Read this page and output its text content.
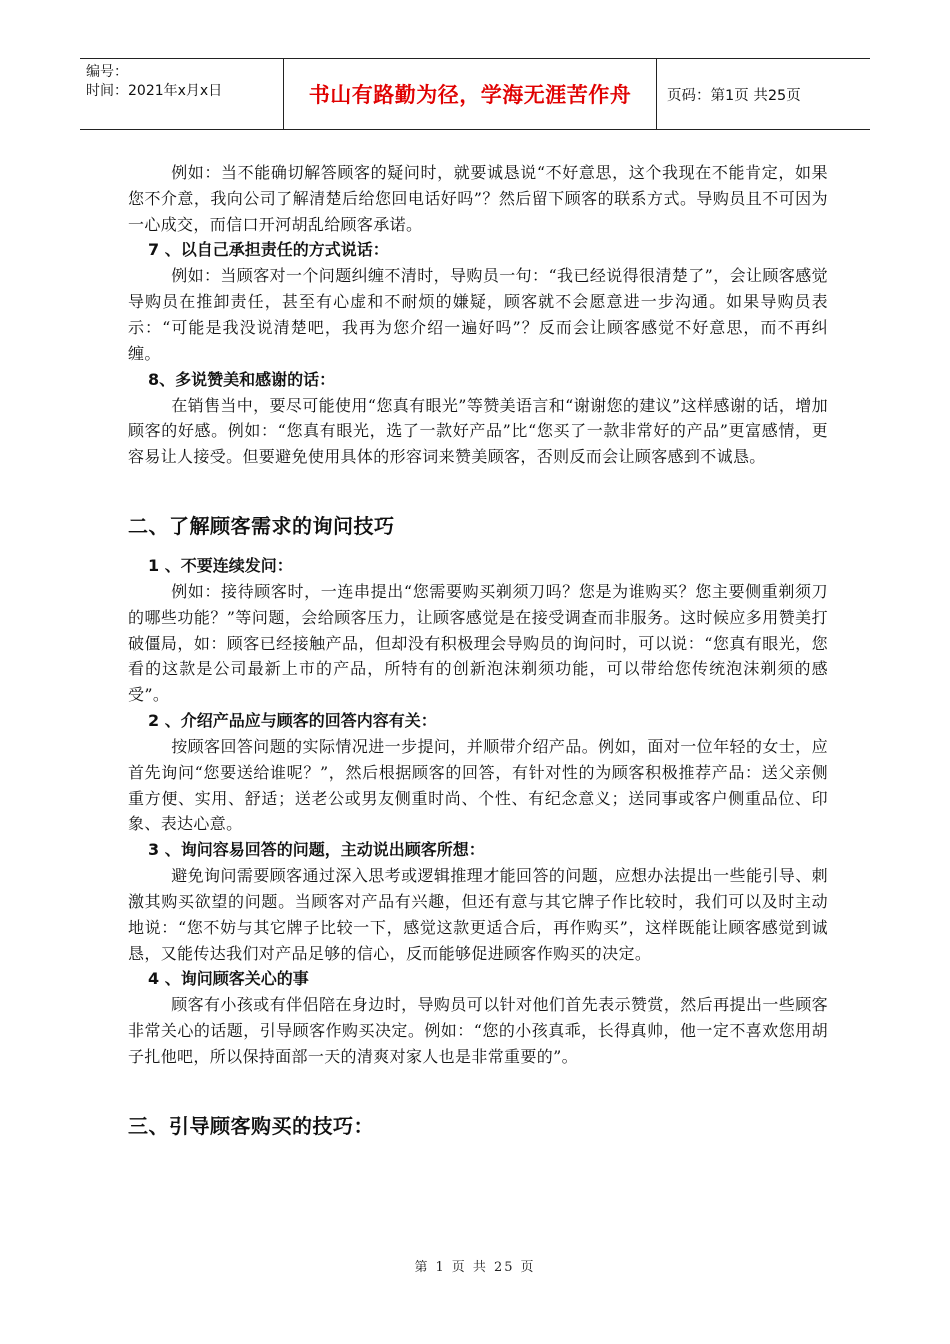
编号：
时间：2021年x月x日	书山有路勤为径，学海无涯苦作舟 页码：第1页 共25页

例如：当不能确切解答顾客的疑问时，就要诚恳说“不好意思，这个我现在不能肯定，如果您不介意，我向公司了解清楚后给您回电话好吗”？然后留下顾客的联系方式。导购员且不可因为一心成交，而信口开河胡乱给顾客承诺。

7 、以自己承担责任的方式说话：

例如：当顾客对一个问题纠缠不清时，导购员一句：“我已经说得很清楚了”，会让顾客感觉导购员在推卸责任，甚至有心虚和不耐烦的嫌疑，顾客就不会愿意进一步沟通。如果导购员表示：“可能是我没说清楚吧，我再为您介绍一遍好吗”？反而会让顾客感觉不好意思，而不再纠缠。

8、多说赞美和感谢的话：

在销售当中，要尽可能使用“您真有眼光”等赞美语言和“谢谢您的建议”这样感谢的话，增加顾客的好感。例如：“您真有眼光，选了一款好产品”比“您买了一款非常好的产品”更富感情，更容易让人接受。但要避免使用具体的形容词来赞美顾客，否则反而会让顾客感到不诚恳。

二、了解顾客需求的询问技巧

1 、不要连续发问：

例如：接待顾客时，一连串提出“您需要购买剃须刀吗？您是为谁购买？您主要侧重剃须刀的哪些功能？”等问题，会给顾客压力，让顾客感觉是在接受调查而非服务。这时候应多用赞美打破僵局，如：顾客已经接触产品，但却没有积极理会导购员的询问时，可以说：“您真有眼光，您看的这款是公司最新上市的产品，所特有的创新泡沫剃须功能，可以带给您传统泡沫剃须的感受”。

2 、介绍产品应与顾客的回答内容有关：

按顾客回答问题的实际情况进一步提问，并顺带介绍产品。例如，面对一位年轻的女士，应首先询问“您要送给谁呢？”，然后根据顾客的回答，有针对性的为顾客积极推荐产品：送父亲侧重方便、实用、舒适；送老公或男友侧重时尚、个性、有纪念意义；送同事或客户侧重品位、印象、表达心意。

3 、询问容易回答的问题，主动说出顾客所想：

避免询问需要顾客通过深入思考或逻辑推理才能回答的问题，应想办法提出一些能引导、刺激其购买欲望的问题。当顾客对产品有兴趣，但还有意与其它牌子作比较时，我们可以及时主动地说：“您不妨与其它牌子比较一下，感觉这款更适合后，再作购买”，这样既能让顾客感觉到诚恳，又能传达我们对产品足够的信心，反而能够促进顾客作购买的决定。

4 、询问顾客关心的事

顾客有小孩或有伴侣陪在身边时，导购员可以针对他们首先表示赞赏，然后再提出一些顾客非常关心的话题，引导顾客作购买决定。例如：“您的小孩真乖，长得真帅，他一定不喜欢您用胡子扎他吧，所以保持面部一天的清爽对家人也是非常重要的”。

三、引导顾客购买的技巧：

第 1 页 共 25 页
